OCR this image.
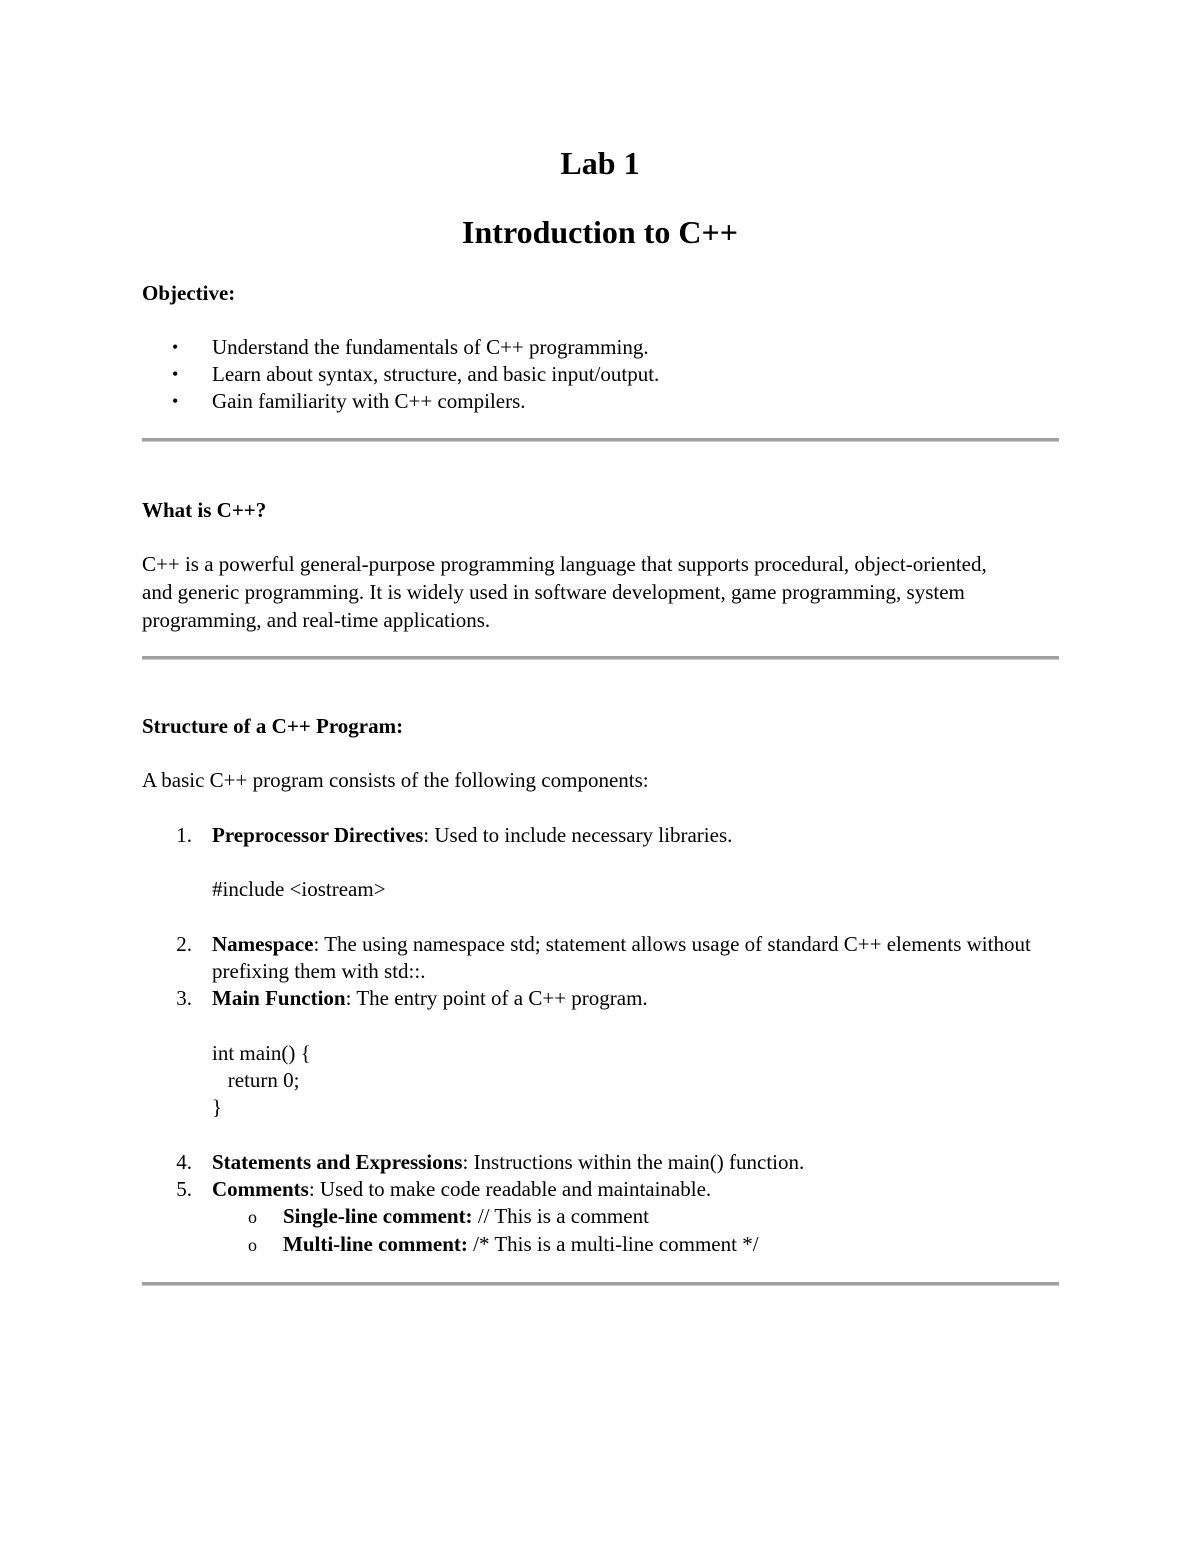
Lab 1
Introduction to C++
Objective:
• Understand the fundamentals of C++ programming.
• Learn about syntax, structure, and basic input/output.
• Gain familiarity with C++ compilers.
What is C++?
C++ is a powerful general-purpose programming language that supports procedural, object-oriented, and generic programming. It is widely used in software development, game programming, system programming, and real-time applications.
Structure of a C++ Program:
A basic C++ program consists of the following components:
1. Preprocessor Directives: Used to include necessary libraries.
#include <iostream>
2. Namespace: The using namespace std; statement allows usage of standard C++ elements without prefixing them with std::.
3. Main Function: The entry point of a C++ program.
int main() {
return 0;
}
4. Statements and Expressions: Instructions within the main() function.
5. Comments: Used to make code readable and maintainable.
o Single-line comment: // This is a comment
o Multi-line comment: /* This is a multi-line comment */
